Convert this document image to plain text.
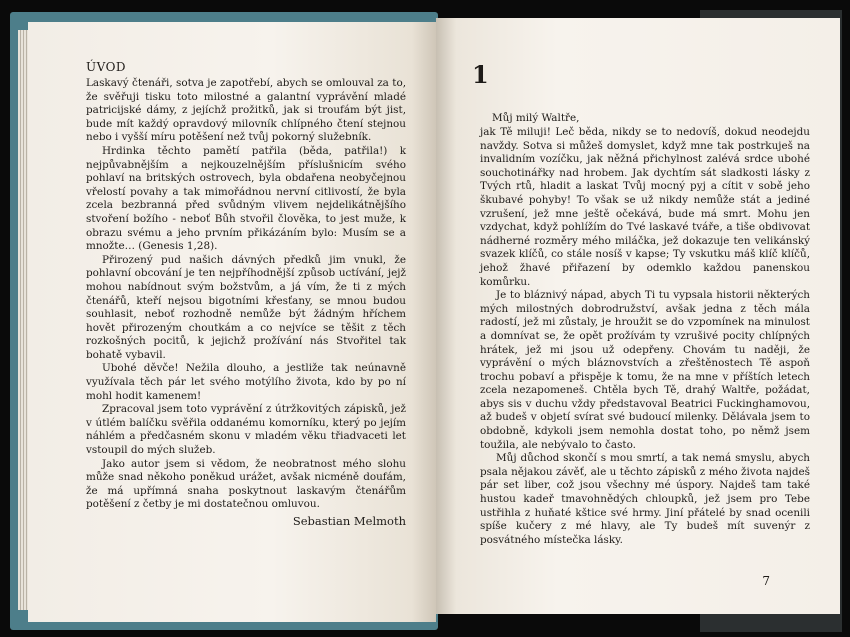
ÚVOD

Laskavý čtenáři, sotva je zapotřebí, abych se omlouval za to, že svěřuji tisku toto milostné a galantní vyprávění mladé patricijské dámy, z jejíchž prožitků, jak si troufám být jist, bude mít každý opravdový milovník chlípného čtení stejnou nebo i vyšší míru potěšení než tvůj pokorný služebník.

Hrdinka těchto pamětí patřila (běda, patřila!) k nejpůvabnějším a nejkouzelnějším příslušnicím svého pohlaví na britských ostrovech, byla obdařena neobyčejnou vřelostí povahy a tak mimořádnou nervní citlivostí, že byla zcela bezbranná před svůdným vlivem nejdelikátnějšího stvoření božího - neboť Bůh stvořil člověka, to jest muže, k obrazu svému a jeho prvním přikázáním bylo: Musím se a množte… (Genesis 1,28).

Přirozený pud našich dávných předků jim vnukl, že pohlavní obcování je ten nejpříhodnější způsob uctívání, jejž mohou nabídnout svým božstvům, a já vím, že ti z mých čtenářů, kteří nejsou bigotními křesťany, se mnou budou souhlasit, neboť rozhodně nemůže být žádným hříchem hovět přirozeným choutkám a co nejvíce se těšit z těch rozkošných pocitů, k jejichž prožívání nás Stvořitel tak bohatě vybavil.

Ubohé děvče! Nežila dlouho, a jestliže tak neúnavně využívala těch pár let svého motýlího života, kdo by po ní mohl hodit kamenem!

Zpracoval jsem toto vyprávění z útržkovitých zápisků, jež v útlém balíčku svěřila oddanému komorníku, který po jejím náhlém a předčasném skonu v mladém věku třiadvaceti let vstoupil do mých služeb.

Jako autor jsem si vědom, že neobratnost mého slohu může snad někoho poněkud urážet, avšak nicméně doufám, že má upřímná snaha poskytnout laskavým čtenářům potěšení z četby je mi dostatečnou omluvou.

Sebastian Melmoth
1
Můj milý Waltře,

jak Tě miluji! Leč běda, nikdy se to nedovíš, dokud neodejdu navždy. Sotva si můžeš domyslet, když mne tak postrkuješ na invalidním vozíčku, jak něžná přichylnost zalévá srdce ubohé souchotinářky nad hrobem. Jak dychtím sát sladkosti lásky z Tvých rtů, hladit a laskat Tvůj mocný pyj a cítit v sobě jeho škubavé pohyby! To však se už nikdy nemůže stát a jediné vzrušení, jež mne ještě očekává, bude má smrt. Mohu jen vzdychat, když pohlížím do Tvé laskavé tváře, a tiše obdivovat nádherné rozměry mého miláčka, jež dokazuje ten velikánský svazek klíčů, co stále nosíš v kapse; Ty vskutku máš klíč klíčů, jehož žhavé přiřazení by odemklo každou panenskou komůrku.

Je to bláznivý nápad, abych Ti tu vypsala historii některých mých milostných dobrodružství, avšak jedna z těch mála radostí, jež mi zůstaly, je hroužit se do vzpomínek na minulost a domnívat se, že opět prožívám ty vzrušivé pocity chlípných hrátek, jež mi jsou už odepřeny. Chovám tu naději, že vyprávění o mých bláznovstvích a zřeštěnostech Tě aspoň trochu pobaví a přispěje k tomu, že na mne v příštích letech zcela nezapomeneš. Chtěla bych Tě, drahý Waltře, požádat, abys sis v duchu vždy představoval Beatrici Fuckinghamovou, až budeš v objetí svírat své budoucí milenky. Dělávala jsem to obdobně, kdykoli jsem nemohla dostat toho, po němž jsem toužila, ale nebývalo to často.

Můj důchod skončí s mou smrtí, a tak nemá smyslu, abych psala nějakou závěť, ale u těchto zápisků z mého života najdeš pár set liber, což jsou všechny mé úspory. Najdeš tam také hustou kadeř tmavohnědých chloupků, jež jsem pro Tebe ustřihla z huňaté kštice své hrmy. Jiní přátelé by snad ocenili spíše kučery z mé hlavy, ale Ty budeš mít suvenýr z posvátného místečka lásky.

7
